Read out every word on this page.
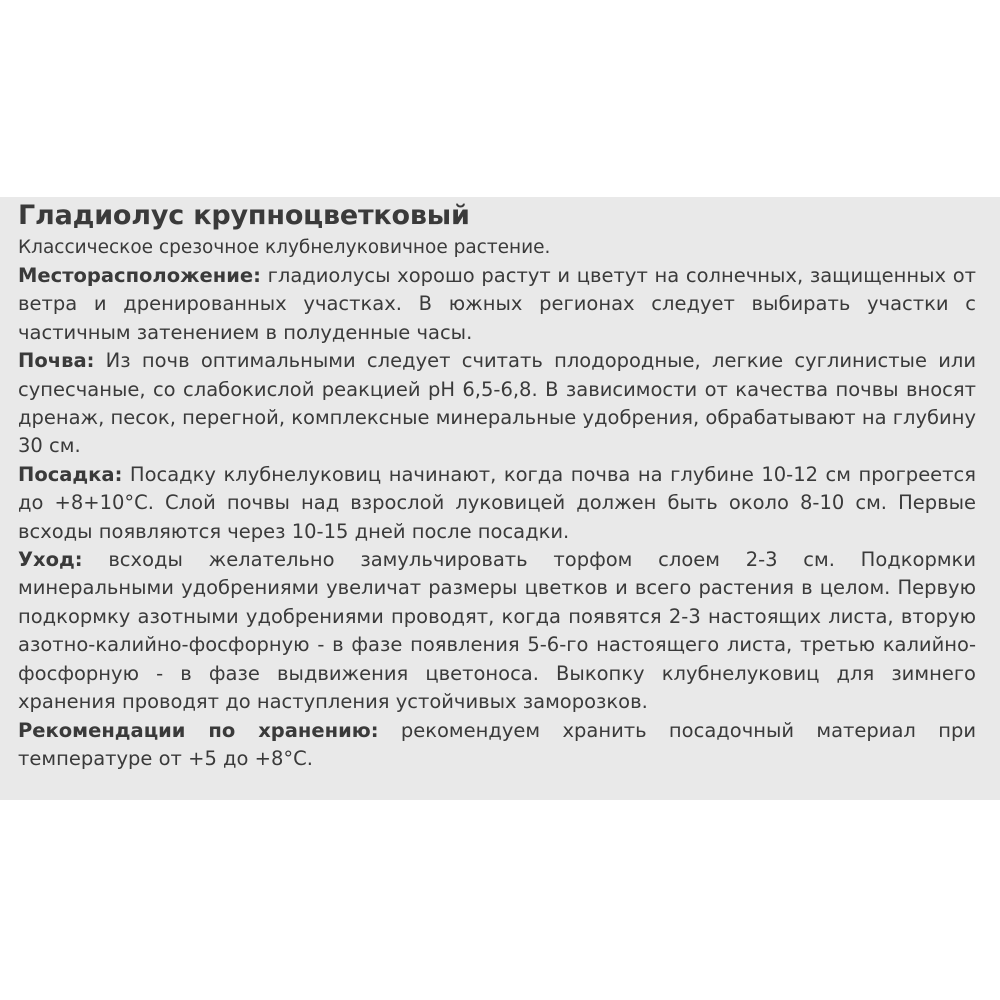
Гладиолус крупноцветковый

Классическое срезочное клубнелуковичное растение.

Месторасположение: гладиолусы хорошо растут и цветут на солнечных, защищенных от ветра и дренированных участках. В южных регионах следует выбирать участки с частичным затенением в полуденные часы.

Почва: Из почв оптимальными следует считать плодородные, легкие суглинистые или супесчаные, со слабокислой реакцией pH 6,5-6,8. В зависимости от качества почвы вносят дренаж, песок, перегной, комплексные минеральные удобрения, обрабатывают на глубину 30 см.

Посадка: Посадку клубнелуковиц начинают, когда почва на глубине 10-12 см прогреется до +8+10°С. Слой почвы над взрослой луковицей должен быть около 8-10 см. Первые всходы появляются через 10-15 дней после посадки.

Уход: всходы желательно замульчировать торфом слоем 2-3 см. Подкормки минеральными удобрениями увеличат размеры цветков и всего растения в целом. Первую подкормку азотными удобрениями проводят, когда появятся 2-3 настоящих листа, вторую азотно-калийно-фосфорную - в фазе появления 5-6-го настоящего листа, третью калийно-фосфорную - в фазе выдвижения цветоноса. Выкопку клубнелуковиц для зимнего хранения проводят до наступления устойчивых заморозков.

Рекомендации по хранению: рекомендуем хранить посадочный материал при температуре от +5 до +8°С.
